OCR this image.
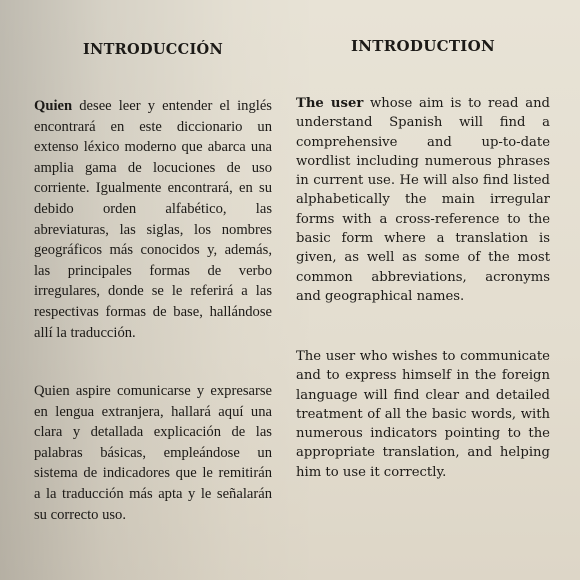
INTRODUCCIÓN

Quien desee leer y entender el inglés encontrará en este diccionario un extenso léxico moderno que abarca una amplia gama de locuciones de uso corriente. Igualmente encontrará, en su debido orden alfabético, las abreviaturas, las siglas, los nombres geográficos más conocidos y, además, las principales formas de verbo irregulares, donde se le referirá a las respectivas formas de base, hallándose allí la traducción.

Quien aspire comunicarse y expresarse en lengua extranjera, hallará aquí una clara y detallada explicación de las palabras básicas, empleándose un sistema de indicadores que le remitirán a la traducción más apta y le señalarán su correcto uso.

INTRODUCTION

The user whose aim is to read and understand Spanish will find a comprehensive and up-to-date wordlist including numerous phrases in current use. He will also find listed alphabetically the main irregular forms with a cross-reference to the basic form where a translation is given, as well as some of the most common abbreviations, acronyms and geographical names.

The user who wishes to communicate and to express himself in the foreign language will find clear and detailed treatment of all the basic words, with numerous indicators pointing to the appropriate translation, and helping him to use it correctly.
